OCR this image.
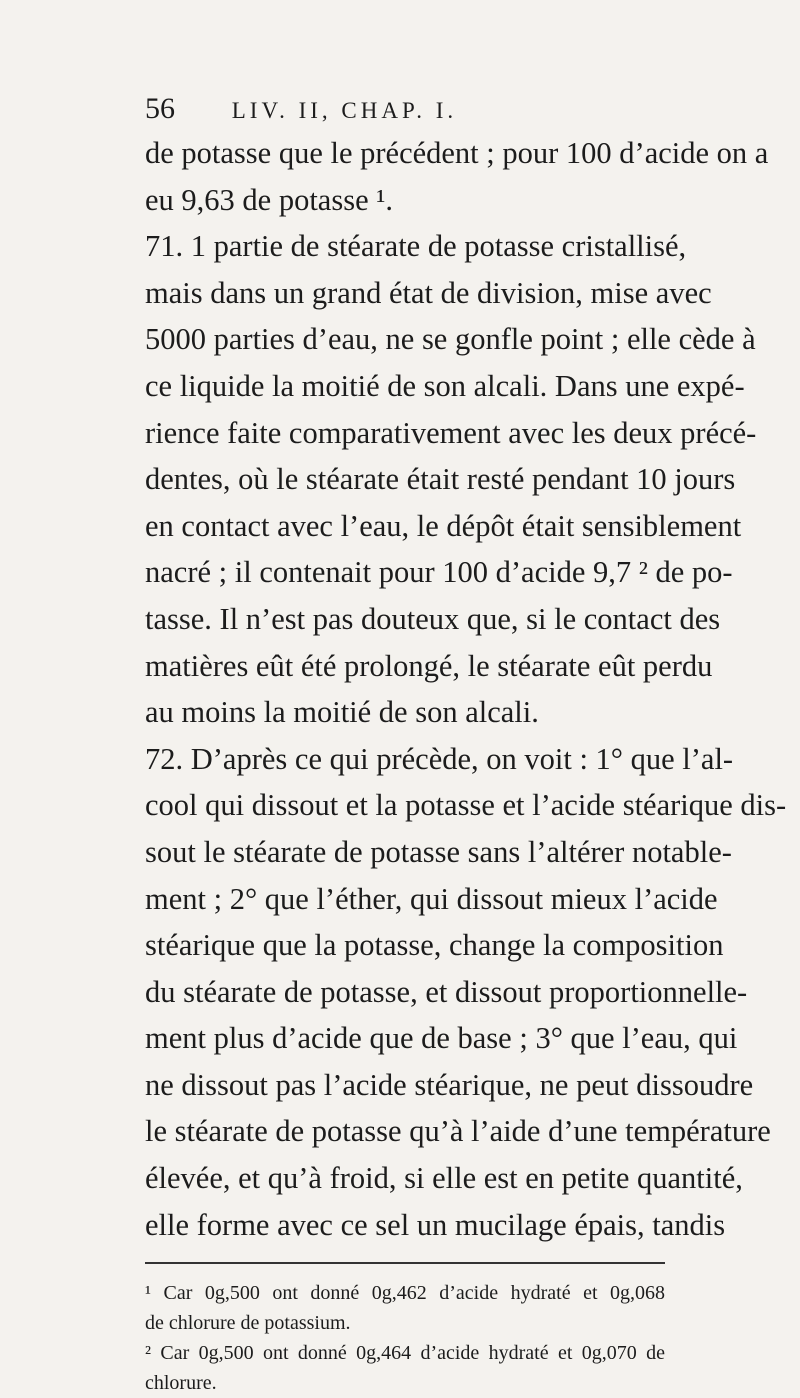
56 LIV. II, CHAP. I.
de potasse que le précédent ; pour 100 d’acide on a
eu 9,63 de potasse ¹.
71. 1 partie de stéarate de potasse cristallisé,
mais dans un grand état de division, mise avec
5000 parties d’eau, ne se gonfle point ; elle cède à
ce liquide la moitié de son alcali. Dans une expé-
rience faite comparativement avec les deux précé-
dentes, où le stéarate était resté pendant 10 jours
en contact avec l’eau, le dépôt était sensiblement
nacré ; il contenait pour 100 d’acide 9,7 ² de po-
tasse. Il n’est pas douteux que, si le contact des
matières eût été prolongé, le stéarate eût perdu
au moins la moitié de son alcali.
72. D’après ce qui précède, on voit : 1° que l’al-
cool qui dissout et la potasse et l’acide stéarique dis-
sout le stéarate de potasse sans l’altérer notable-
ment ; 2° que l’éther, qui dissout mieux l’acide
stéarique que la potasse, change la composition
du stéarate de potasse, et dissout proportionnelle-
ment plus d’acide que de base ; 3° que l’eau, qui
ne dissout pas l’acide stéarique, ne peut dissoudre
le stéarate de potasse qu’à l’aide d’une température
élevée, et qu’à froid, si elle est en petite quantité,
elle forme avec ce sel un mucilage épais, tandis
¹ Car 0g,500 ont donné 0g,462 d’acide hydraté et 0g,068
de chlorure de potassium.
² Car 0g,500 ont donné 0g,464 d’acide hydraté et 0g,070 de
chlorure.
